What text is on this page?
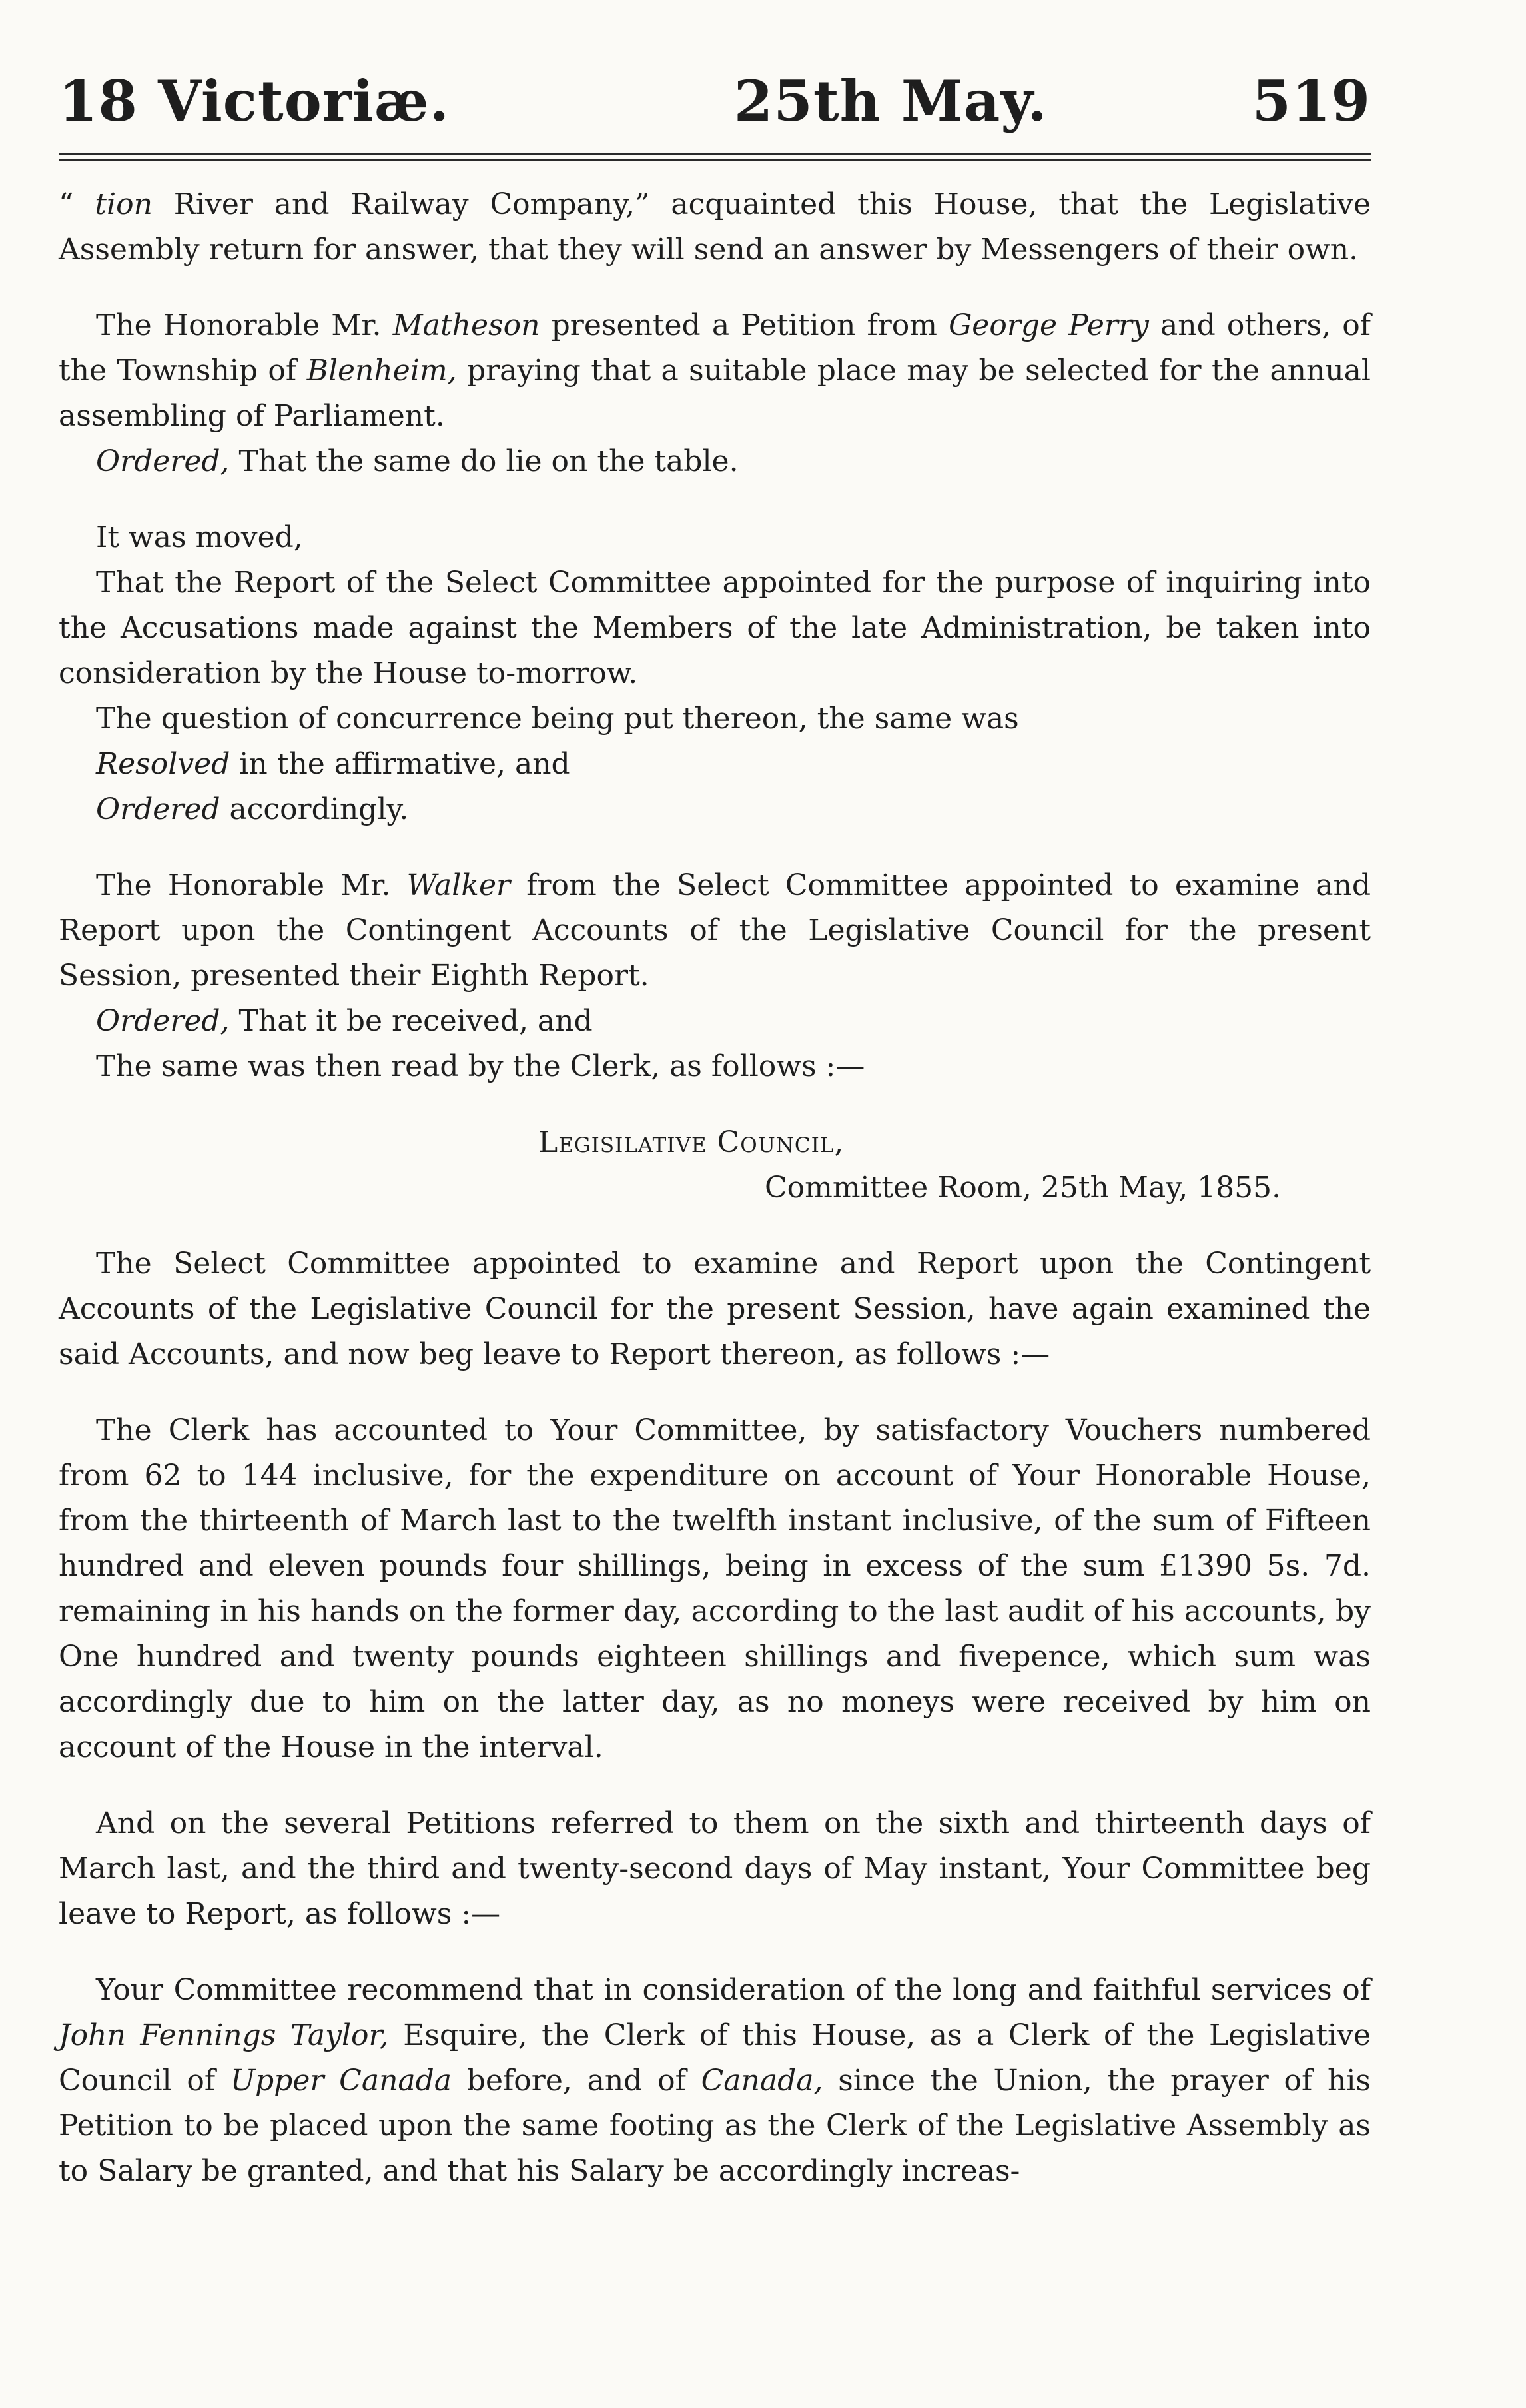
18 Victoriæ.	25th May.	519

“ tion River and Railway Company,” acquainted this House, that the Legislative Assembly return for answer, that they will send an answer by Messengers of their own.

The Honorable Mr. Matheson presented a Petition from George Perry and others, of the Township of Blenheim, praying that a suitable place may be selected for the annual assembling of Parliament.

Ordered, That the same do lie on the table.

It was moved,

That the Report of the Select Committee appointed for the purpose of inquiring into the Accusations made against the Members of the late Administration, be taken into consideration by the House to-morrow.

The question of concurrence being put thereon, the same was

Resolved in the affirmative, and

Ordered accordingly.

The Honorable Mr. Walker from the Select Committee appointed to examine and Report upon the Contingent Accounts of the Legislative Council for the present Session, presented their Eighth Report.

Ordered, That it be received, and

The same was then read by the Clerk, as follows :—

Legisilative Council,
Committee Room, 25th May, 1855.

The Select Committee appointed to examine and Report upon the Contingent Accounts of the Legislative Council for the present Session, have again examined the said Accounts, and now beg leave to Report thereon, as follows :—

The Clerk has accounted to Your Committee, by satisfactory Vouchers numbered from 62 to 144 inclusive, for the expenditure on account of Your Honorable House, from the thirteenth of March last to the twelfth instant inclusive, of the sum of Fifteen hundred and eleven pounds four shillings, being in excess of the sum £1390 5s. 7d. remaining in his hands on the former day, according to the last audit of his accounts, by One hundred and twenty pounds eighteen shillings and fivepence, which sum was accordingly due to him on the latter day, as no moneys were received by him on account of the House in the interval.

And on the several Petitions referred to them on the sixth and thirteenth days of March last, and the third and twenty-second days of May instant, Your Committee beg leave to Report, as follows :—

Your Committee recommend that in consideration of the long and faithful services of John Fennings Taylor, Esquire, the Clerk of this House, as a Clerk of the Legislative Council of Upper Canada before, and of Canada, since the Union, the prayer of his Petition to be placed upon the same footing as the Clerk of the Legislative Assembly as to Salary be granted, and that his Salary be accordingly increas-
